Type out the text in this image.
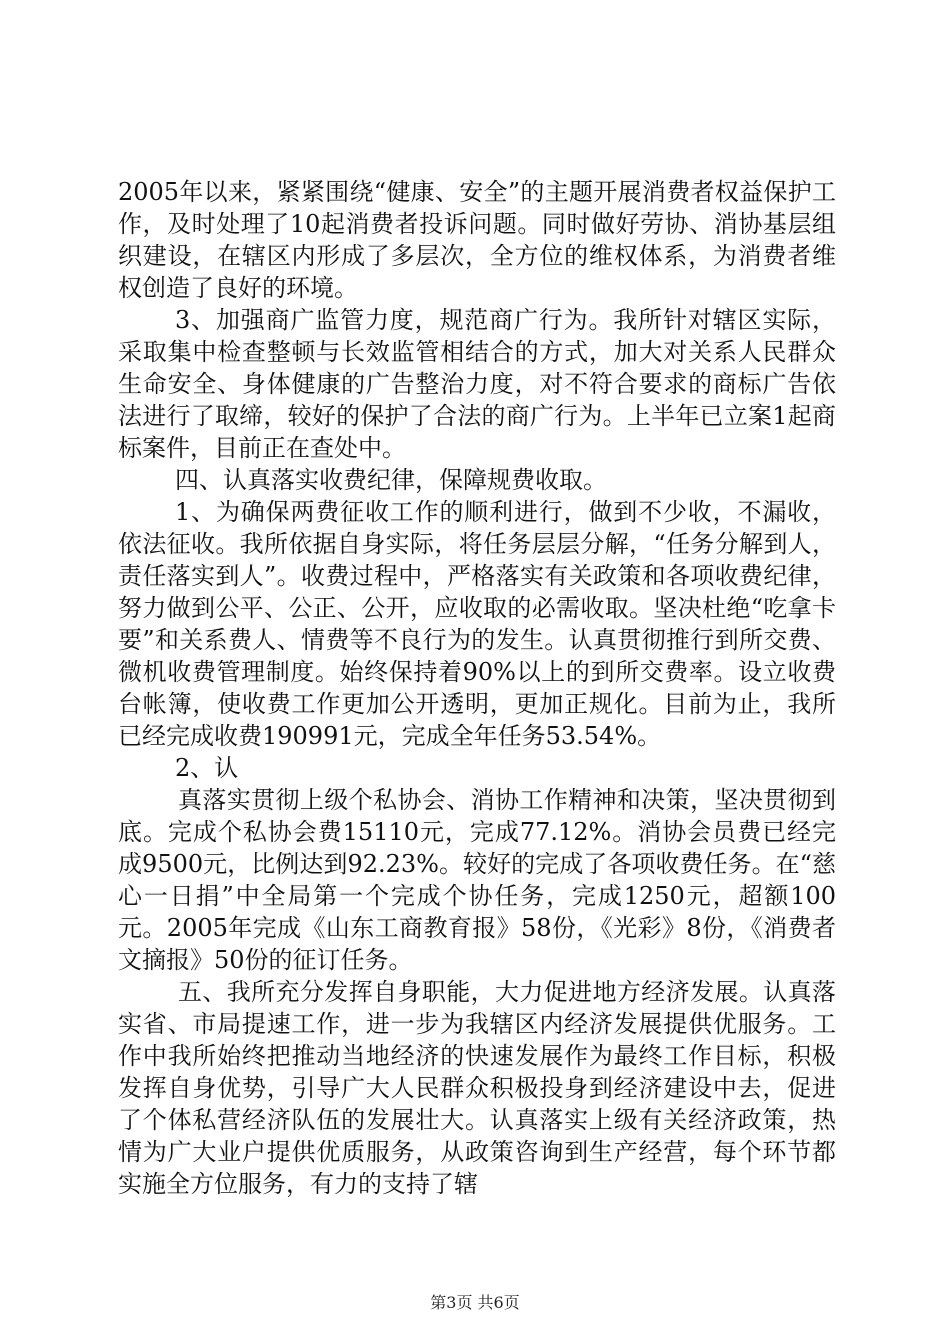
2005年以来，紧紧围绕“健康、安全”的主题开展消费者权益保护工作，及时处理了10起消费者投诉问题。同时做好劳协、消协基层组织建设，在辖区内形成了多层次，全方位的维权体系，为消费者维权创造了良好的环境。

3、加强商广监管力度，规范商广行为。我所针对辖区实际，采取集中检查整顿与长效监管相结合的方式，加大对关系人民群众生命安全、身体健康的广告整治力度，对不符合要求的商标广告依法进行了取缔，较好的保护了合法的商广行为。上半年已立案1起商标案件，目前正在查处中。

四、认真落实收费纪律，保障规费收取。

1、为确保两费征收工作的顺利进行，做到不少收，不漏收，依法征收。我所依据自身实际，将任务层层分解，“任务分解到人，责任落实到人”。收费过程中，严格落实有关政策和各项收费纪律，努力做到公平、公正、公开，应收取的必需收取。坚决杜绝“吃拿卡要”和关系费人、情费等不良行为的发生。认真贯彻推行到所交费、微机收费管理制度。始终保持着90%以上的到所交费率。设立收费台帐簿，使收费工作更加公开透明，更加正规化。目前为止，我所已经完成收费190991元，完成全年任务53.54%。

2、认

真落实贯彻上级个私协会、消协工作精神和决策，坚决贯彻到底。完成个私协会费15110元，完成77.12%。消协会员费已经完成9500元，比例达到92.23%。较好的完成了各项收费任务。在“慈心一日捐”中全局第一个完成个协任务，完成1250元，超额100元。2005年完成《山东工商教育报》58份，《光彩》8份，《消费者文摘报》50份的征订任务。

五、我所充分发挥自身职能，大力促进地方经济发展。认真落实省、市局提速工作，进一步为我辖区内经济发展提供优服务。工作中我所始终把推动当地经济的快速发展作为最终工作目标，积极发挥自身优势，引导广大人民群众积极投身到经济建设中去，促进了个体私营经济队伍的发展壮大。认真落实上级有关经济政策，热情为广大业户提供优质服务，从政策咨询到生产经营，每个环节都实施全方位服务，有力的支持了辖

第3页 共6页
